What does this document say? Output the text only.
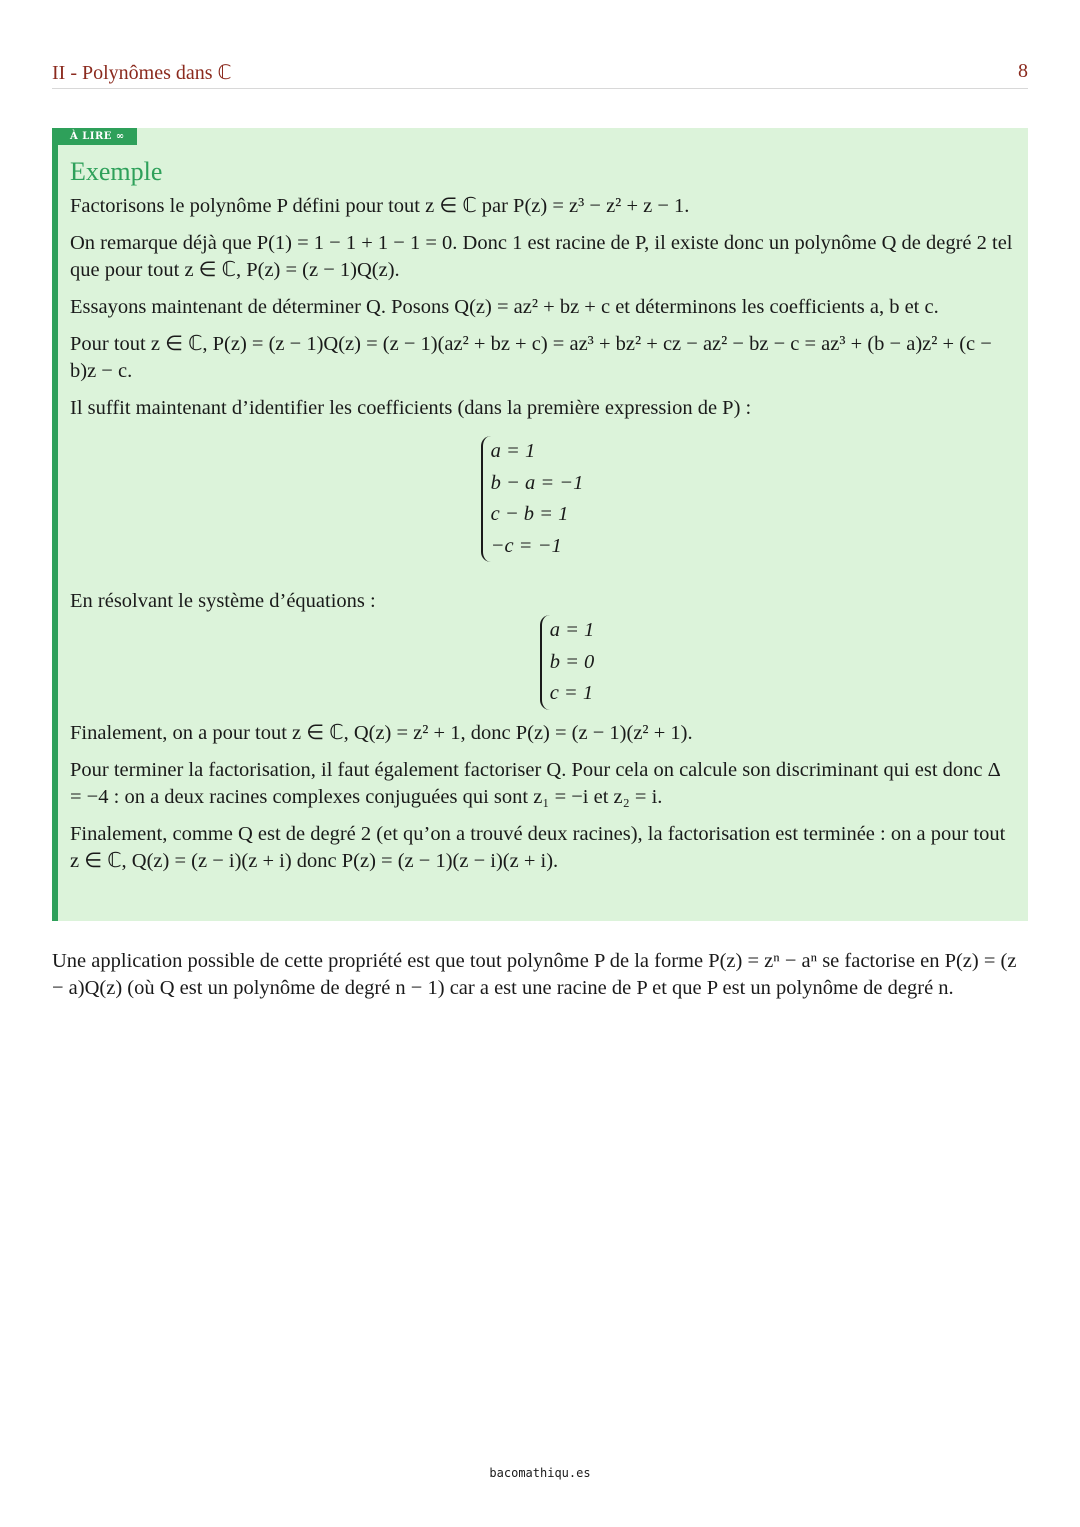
II - Polynômes dans ℂ	8
À LIRE ∞
Exemple

Factorisons le polynôme P défini pour tout z ∈ ℂ par P(z) = z³ − z² + z − 1.

On remarque déjà que P(1) = 1 − 1 + 1 − 1 = 0. Donc 1 est racine de P, il existe donc un polynôme Q de degré 2 tel que pour tout z ∈ ℂ, P(z) = (z − 1)Q(z).

Essayons maintenant de déterminer Q. Posons Q(z) = az² + bz + c et déterminons les coefficients a, b et c.

Pour tout z ∈ ℂ, P(z) = (z − 1)Q(z) = (z − 1)(az² + bz + c) = az³ + bz² + cz − az² − bz − c = az³ + (b − a)z² + (c − b)z − c.

Il suffit maintenant d’identifier les coefficients (dans la première expression de P) :

a = 1
b − a = −1
c − b = 1
−c = −1

En résolvant le système d’équations :

a = 1
b = 0
c = 1

Finalement, on a pour tout z ∈ ℂ, Q(z) = z² + 1, donc P(z) = (z − 1)(z² + 1).

Pour terminer la factorisation, il faut également factoriser Q. Pour cela on calcule son discriminant qui est donc Δ = −4 : on a deux racines complexes conjuguées qui sont z₁ = −i et z₂ = i.

Finalement, comme Q est de degré 2 (et qu’on a trouvé deux racines), la factorisation est terminée : on a pour tout z ∈ ℂ, Q(z) = (z − i)(z + i) donc P(z) = (z − 1)(z − i)(z + i).

Une application possible de cette propriété est que tout polynôme P de la forme P(z) = zⁿ − aⁿ se factorise en P(z) = (z − a)Q(z) (où Q est un polynôme de degré n − 1) car a est une racine de P et que P est un polynôme de degré n.
bacomathiqu.es
